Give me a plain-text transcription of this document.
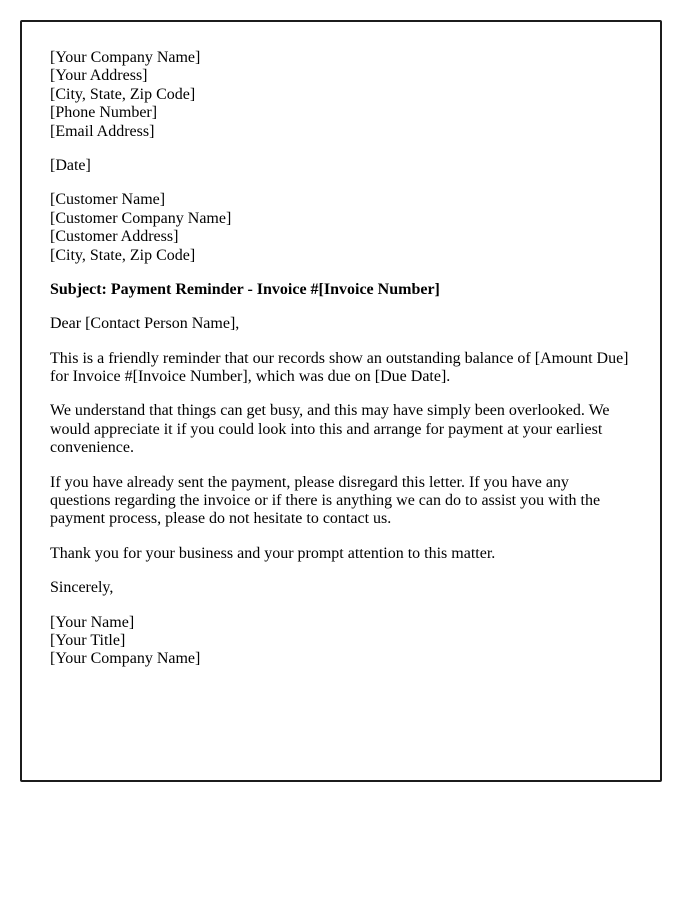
[Your Company Name]
[Your Address]
[City, State, Zip Code]
[Phone Number]
[Email Address]

[Date]

[Customer Name]
[Customer Company Name]
[Customer Address]
[City, State, Zip Code]

Subject: Payment Reminder - Invoice #[Invoice Number]

Dear [Contact Person Name],

This is a friendly reminder that our records show an outstanding balance of [Amount Due] for Invoice #[Invoice Number], which was due on [Due Date].

We understand that things can get busy, and this may have simply been overlooked. We would appreciate it if you could look into this and arrange for payment at your earliest convenience.

If you have already sent the payment, please disregard this letter. If you have any questions regarding the invoice or if there is anything we can do to assist you with the payment process, please do not hesitate to contact us.

Thank you for your business and your prompt attention to this matter.

Sincerely,

[Your Name]
[Your Title]
[Your Company Name]
